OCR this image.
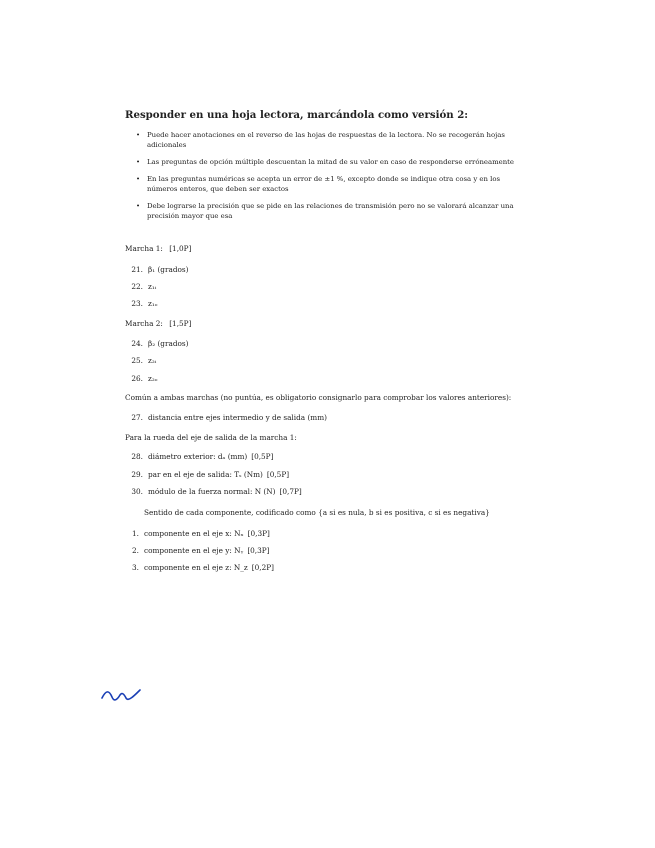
Responder en una hoja lectora, marcándola como versión 2:
• Puede hacer anotaciones en el reverso de las hojas de respuestas de la lectora. No se recogerán hojas adicionales
• Las preguntas de opción múltiple descuentan la mitad de su valor en caso de responderse erróneamente
• En las preguntas numéricas se acepta un error de ±1 %, excepto donde se indique otra cosa y en los números enteros, que deben ser exactos
• Debe lograrse la precisión que se pide en las relaciones de transmisión pero no se valorará alcanzar una precisión mayor que esa
Marcha 1: [1,0P]
21. β₁ (grados)
22. z₁ᵢ
23. z₁ₒ
Marcha 2: [1,5P]
24. β₂ (grados)
25. z₂ᵢ
26. z₂ₒ
Común a ambas marchas (no puntúa, es obligatorio consignarlo para comprobar los valores anteriores):
27. distancia entre ejes intermedio y de salida (mm)
Para la rueda del eje de salida de la marcha 1:
28. diámetro exterior: dₐ (mm) [0,5P]
29. par en el eje de salida: Tₛ (Nm) [0,5P]
30. módulo de la fuerza normal: N (N) [0,7P]
Sentido de cada componente, codificado como {a si es nula, b si es positiva, c si es negativa}
1. componente en el eje x: Nₓ [0,3P]
2. componente en el eje y: Nᵧ [0,3P]
3. componente en el eje z: N_z [0,2P]
